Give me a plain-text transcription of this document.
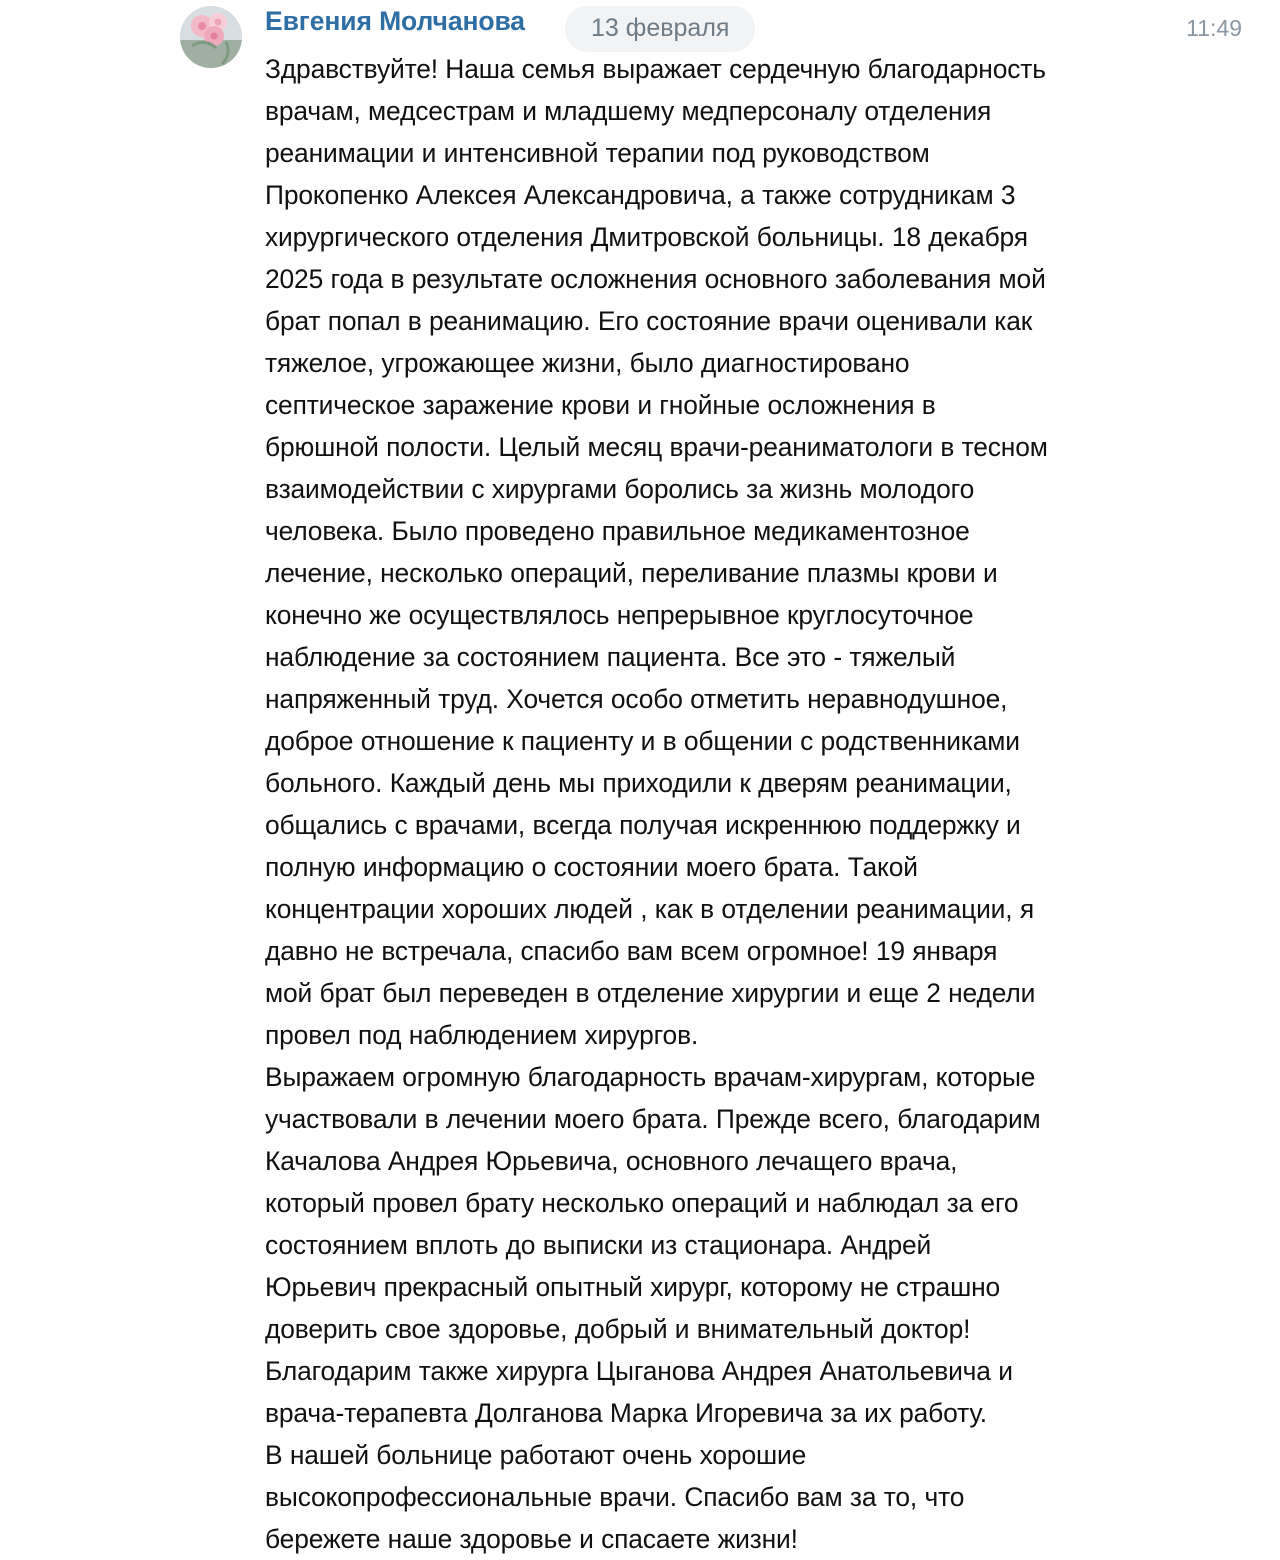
Евгения Молчанова	13 февраля	11:49

Здравствуйте! Наша семья выражает сердечную благодарность врачам, медсестрам и младшему медперсоналу отделения реанимации и интенсивной терапии под руководством Прокопенко Алексея Александровича, а также сотрудникам 3 хирургического отделения Дмитровской больницы. 18 декабря 2025 года в результате осложнения основного заболевания мой брат попал в реанимацию. Его состояние врачи оценивали как тяжелое, угрожающее жизни, было диагностировано септическое заражение крови и гнойные осложнения в брюшной полости. Целый месяц врачи-реаниматологи в тесном взаимодействии с хирургами боролись за жизнь молодого человека. Было проведено правильное медикаментозное лечение, несколько операций, переливание плазмы крови и конечно же осуществлялось непрерывное круглосуточное наблюдение за состоянием пациента. Все это - тяжелый напряженный труд. Хочется особо отметить неравнодушное, доброе отношение к пациенту и в общении с родственниками больного. Каждый день мы приходили к дверям реанимации, общались с врачами, всегда получая искреннюю поддержку и полную информацию о состоянии моего брата. Такой концентрации хороших людей , как в отделении реанимации, я давно не встречала, спасибо вам всем огромное! 19 января мой брат был переведен в отделение хирургии и еще 2 недели провел под наблюдением хирургов.

Выражаем огромную благодарность врачам-хирургам, которые участвовали в лечении моего брата. Прежде всего, благодарим Качалова Андрея Юрьевича, основного лечащего врача, который провел брату несколько операций и наблюдал за его состоянием вплоть до выписки из стационара. Андрей Юрьевич прекрасный опытный хирург, которому не страшно доверить свое здоровье, добрый и внимательный доктор! Благодарим также хирурга Цыганова Андрея Анатольевича и врача-терапевта Долганова Марка Игоревича за их работу.

В нашей больнице работают очень хорошие высокопрофессиональные врачи. Спасибо вам за то, что бережете наше здоровье и спасаете жизни!
